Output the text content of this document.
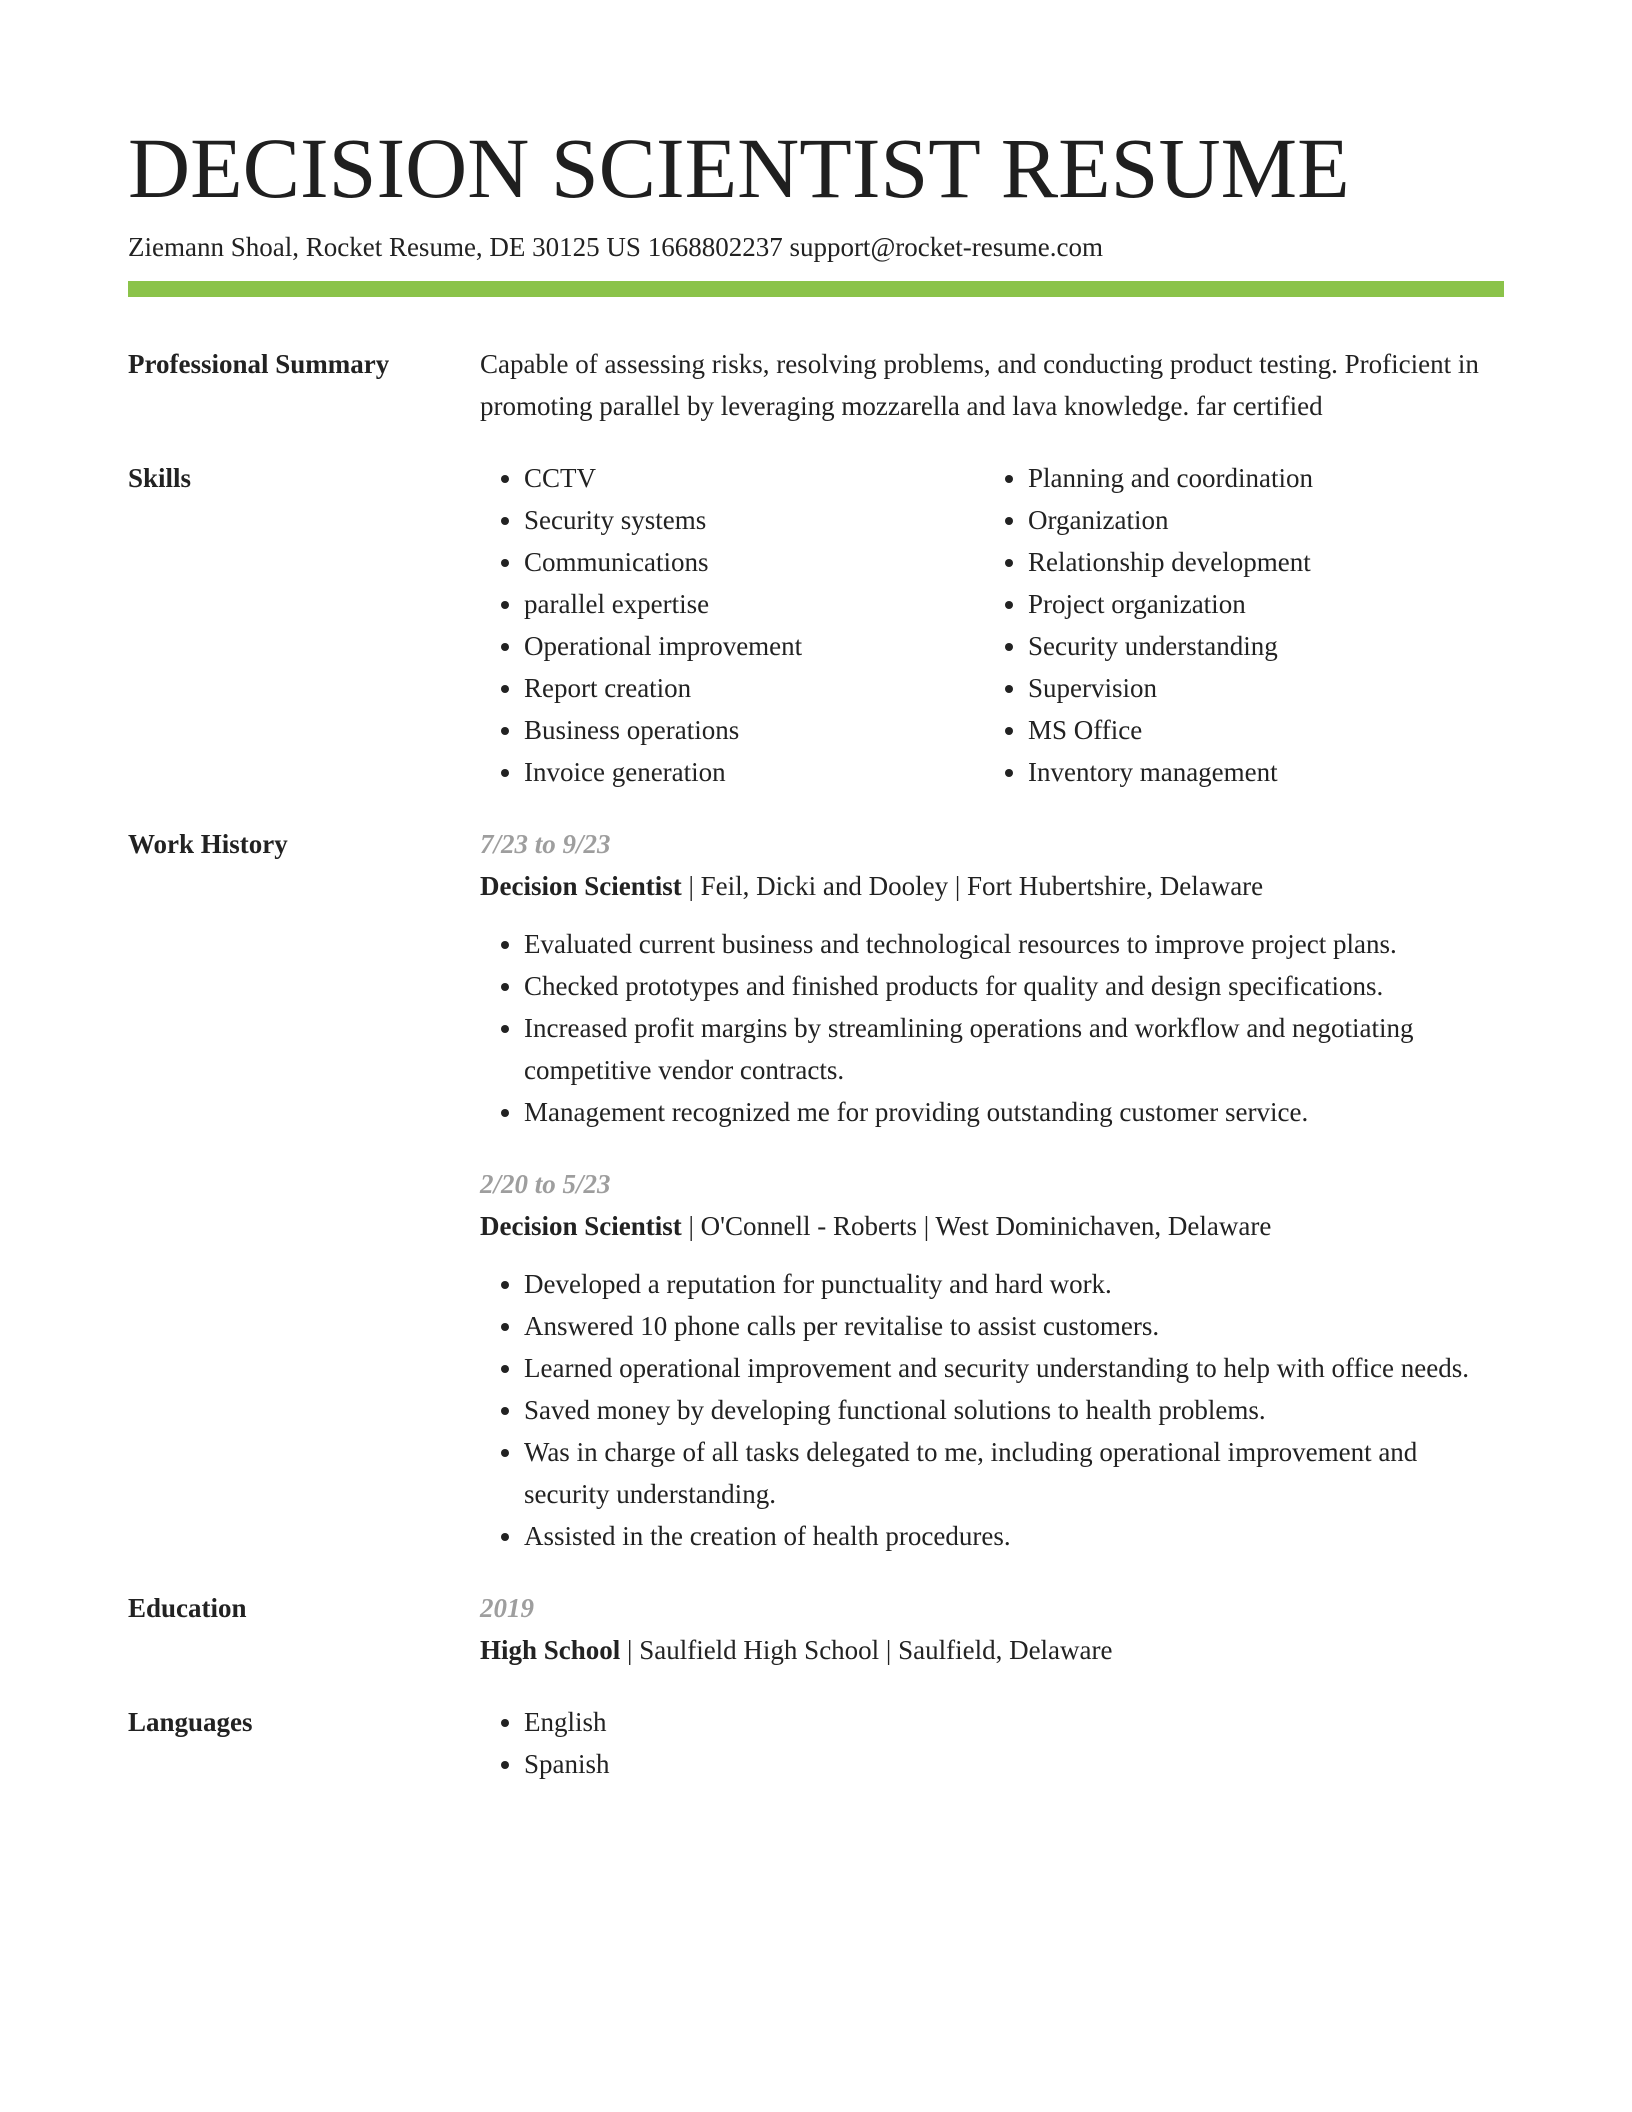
DECISION SCIENTIST RESUME
Ziemann Shoal, Rocket Resume, DE 30125 US 1668802237 support@rocket-resume.com
Professional Summary	Capable of assessing risks, resolving problems, and conducting product testing. Proficient in promoting parallel by leveraging mozzarella and lava knowledge. far certified

Skills	• CCTV
• Security systems
• Communications
• parallel expertise
• Operational improvement
• Report creation
• Business operations
• Invoice generation
• Planning and coordination
• Organization
• Relationship development
• Project organization
• Security understanding
• Supervision
• MS Office
• Inventory management
Work History	7/23 to 9/23
Decision Scientist | Feil, Dicki and Dooley | Fort Hubertshire, Delaware
• Evaluated current business and technological resources to improve project plans.
• Checked prototypes and finished products for quality and design specifications.
• Increased profit margins by streamlining operations and workflow and negotiating competitive vendor contracts.
• Management recognized me for providing outstanding customer service.
2/20 to 5/23
Decision Scientist | O'Connell - Roberts | West Dominichaven, Delaware
• Developed a reputation for punctuality and hard work.
• Answered 10 phone calls per revitalise to assist customers.
• Learned operational improvement and security understanding to help with office needs.
• Saved money by developing functional solutions to health problems.
• Was in charge of all tasks delegated to me, including operational improvement and security understanding.
• Assisted in the creation of health procedures.
Education	2019
High School | Saulfield High School | Saulfield, Delaware
Languages	• English
• Spanish
